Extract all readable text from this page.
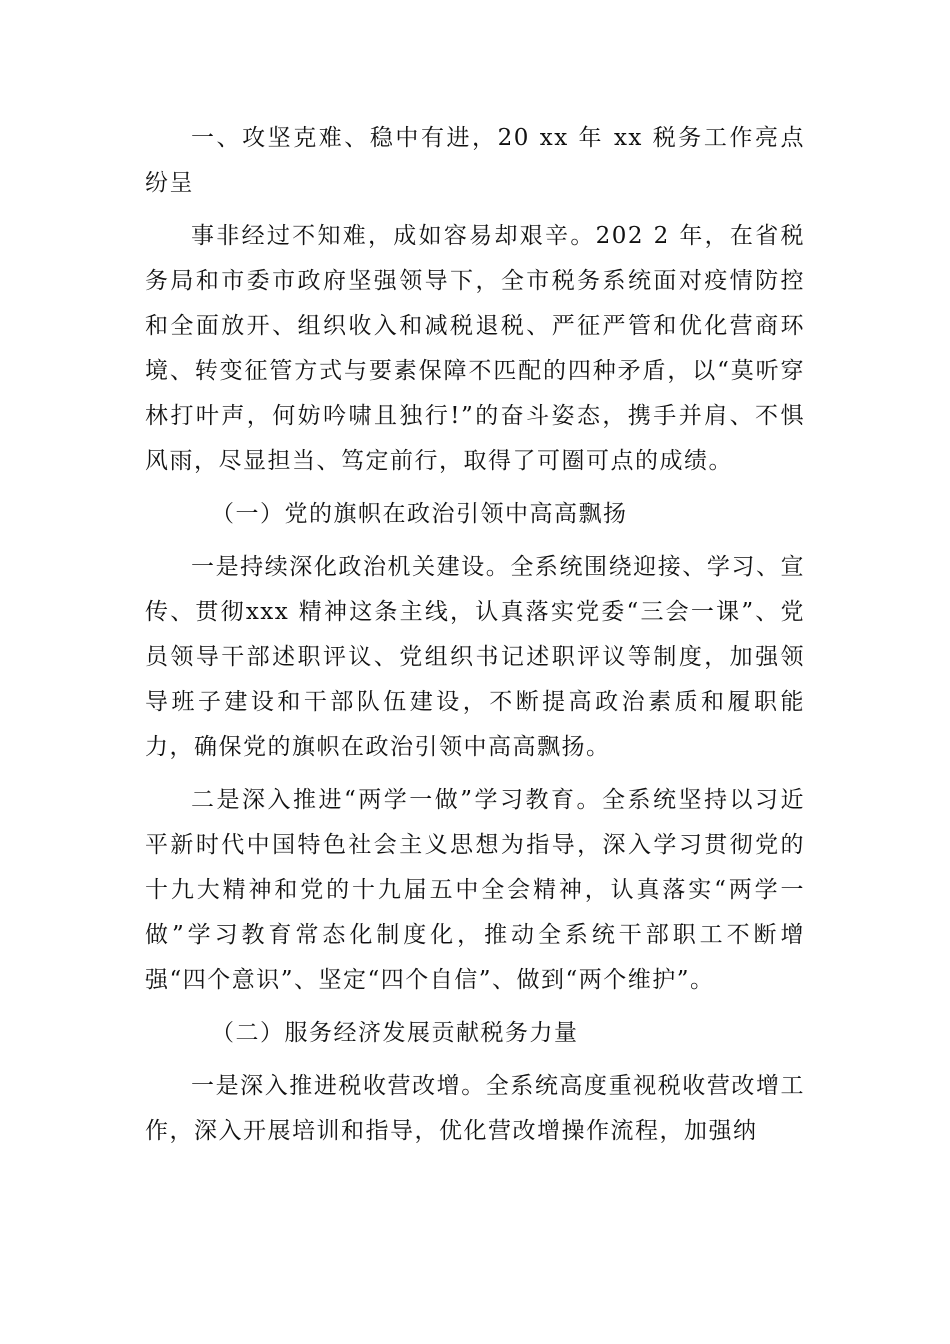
一、攻坚克难、稳中有进，20 xx 年 xx 税务工作亮点纷呈

事非经过不知难，成如容易却艰辛。202 2 年，在省税务局和市委市政府坚强领导下，全市税务系统面对疫情防控和全面放开、组织收入和减税退税、严征严管和优化营商环境、转变征管方式与要素保障不匹配的四种矛盾，以“莫听穿林打叶声，何妨吟啸且独行!”的奋斗姿态，携手并肩、不惧风雨，尽显担当、笃定前行，取得了可圈可点的成绩。

（一）党的旗帜在政治引领中高高飘扬

一是持续深化政治机关建设。全系统围绕迎接、学习、宣传、贯彻xxx 精神这条主线，认真落实党委“三会一课”、党员领导干部述职评议、党组织书记述职评议等制度，加强领导班子建设和干部队伍建设，不断提高政治素质和履职能力，确保党的旗帜在政治引领中高高飘扬。

二是深入推进“两学一做”学习教育。全系统坚持以习近平新时代中国特色社会主义思想为指导，深入学习贯彻党的十九大精神和党的十九届五中全会精神，认真落实“两学一做”学习教育常态化制度化，推动全系统干部职工不断增强“四个意识”、坚定“四个自信”、做到“两个维护”。

（二）服务经济发展贡献税务力量

一是深入推进税收营改增。全系统高度重视税收营改增工作，深入开展培训和指导，优化营改增操作流程，加强纳
